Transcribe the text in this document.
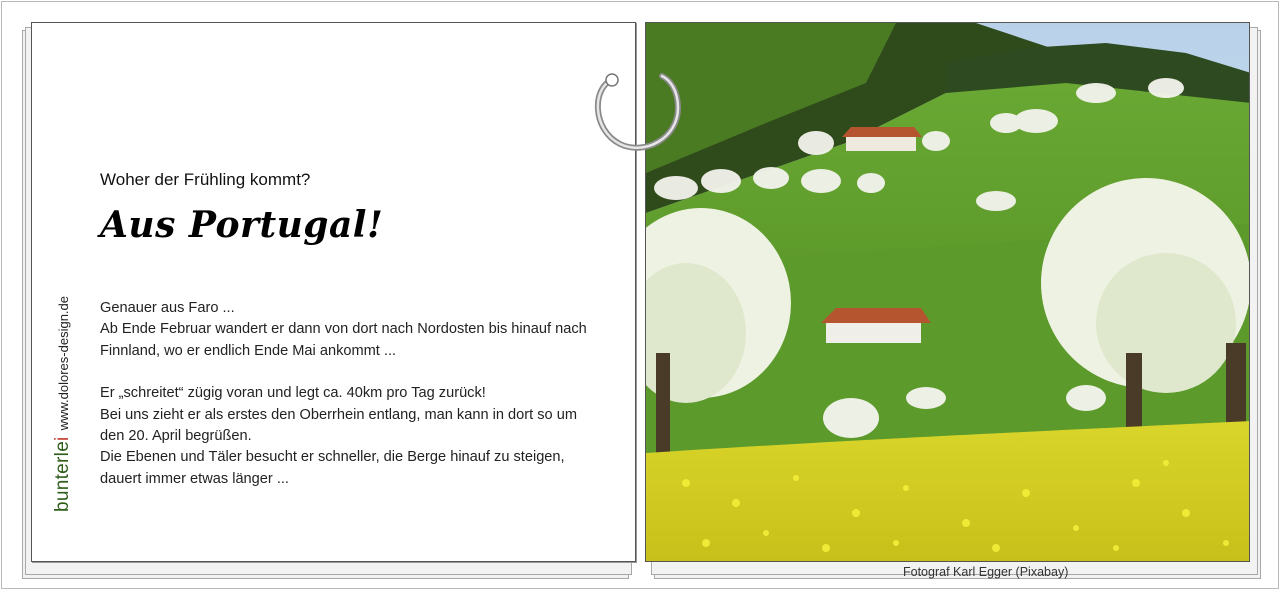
Woher der Frühling kommt?
Aus Portugal!

Genauer aus Faro ...

Ab Ende Februar wandert er dann von dort nach Nordosten bis hinauf nach Finnland, wo er endlich Ende Mai ankommt ...

Er „schreitet“ zügig voran und legt ca. 40km pro Tag zurück!

Bei uns zieht er als erstes den Oberrhein entlang, man kann in dort so um den 20. April begrüßen.

Die Ebenen und Täler besucht er schneller, die Berge hinauf zu steigen, dauert immer etwas länger ...

bunterleiwww.dolores-design.de
Fotograf Karl Egger (Pixabay)
